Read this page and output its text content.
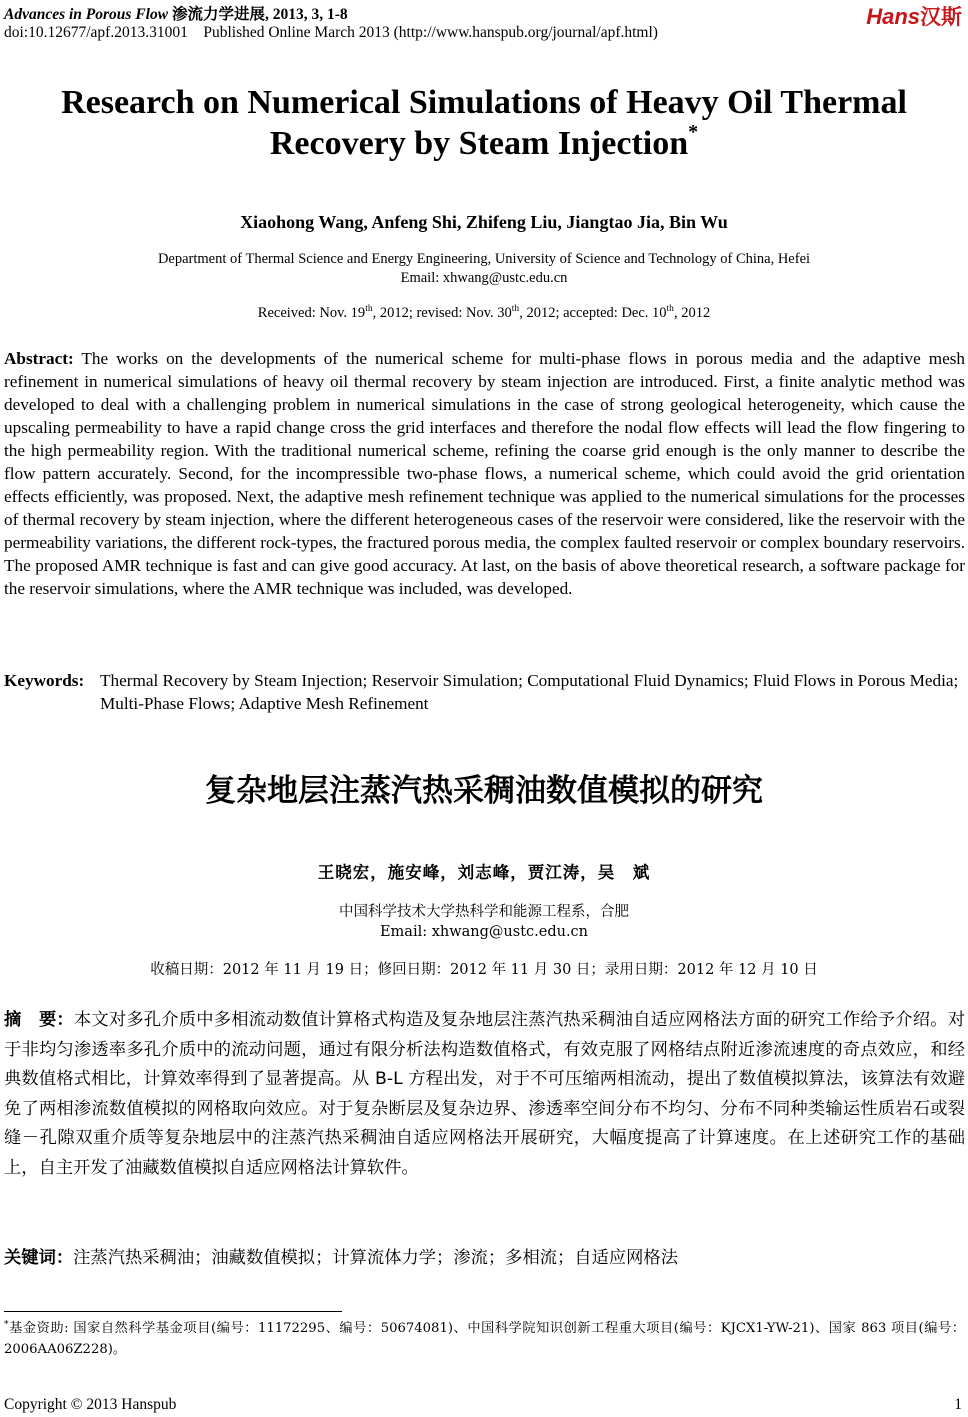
Advances in Porous Flow 渗流力学进展, 2013, 3, 1-8
doi:10.12677/apf.2013.31001 Published Online March 2013 (http://www.hanspub.org/journal/apf.html)
Hans汉斯
Research on Numerical Simulations of Heavy Oil Thermal
Recovery by Steam Injection*
Xiaohong Wang, Anfeng Shi, Zhifeng Liu, Jiangtao Jia, Bin Wu
Department of Thermal Science and Energy Engineering, University of Science and Technology of China, Hefei
Email: xhwang@ustc.edu.cn
Received: Nov. 19th, 2012; revised: Nov. 30th, 2012; accepted: Dec. 10th, 2012
Abstract: The works on the developments of the numerical scheme for multi-phase flows in porous media and the adaptive mesh refinement in numerical simulations of heavy oil thermal recovery by steam injection are introduced. First, a finite analytic method was developed to deal with a challenging problem in numerical simulations in the case of strong geological heterogeneity, which cause the upscaling permeability to have a rapid change cross the grid interfaces and therefore the nodal flow effects will lead the flow fingering to the high permeability region. With the traditional numerical scheme, refining the coarse grid enough is the only manner to describe the flow pattern accurately. Second, for the incompressible two-phase flows, a numerical scheme, which could avoid the grid orientation effects efficiently, was proposed. Next, the adaptive mesh refinement technique was applied to the numerical simulations for the processes of thermal recovery by steam injection, where the different heterogeneous cases of the reservoir were considered, like the reservoir with the permeability variations, the different rock-types, the fractured porous media, the complex faulted reservoir or complex boundary reservoirs. The proposed AMR technique is fast and can give good accuracy. At last, on the basis of above theoretical research, a software package for the reservoir simulations, where the AMR technique was included, was developed.
Keywords: Thermal Recovery by Steam Injection; Reservoir Simulation; Computational Fluid Dynamics; Fluid Flows in Porous Media; Multi-Phase Flows; Adaptive Mesh Refinement
复杂地层注蒸汽热采稠油数值模拟的研究
王晓宏，施安峰，刘志峰，贾江涛，吴　斌
中国科学技术大学热科学和能源工程系，合肥
Email: xhwang@ustc.edu.cn
收稿日期：2012 年 11 月 19 日；修回日期：2012 年 11 月 30 日；录用日期：2012 年 12 月 10 日
摘　要：本文对多孔介质中多相流动数值计算格式构造及复杂地层注蒸汽热采稠油自适应网格法方面的研究工作给予介绍。对于非均匀渗透率多孔介质中的流动问题，通过有限分析法构造数值格式，有效克服了网格结点附近渗流速度的奇点效应，和经典数值格式相比，计算效率得到了显著提高。从 B-L 方程出发，对于不可压缩两相流动，提出了数值模拟算法，该算法有效避免了两相渗流数值模拟的网格取向效应。对于复杂断层及复杂边界、渗透率空间分布不均匀、分布不同种类输运性质岩石或裂缝－孔隙双重介质等复杂地层中的注蒸汽热采稠油自适应网格法开展研究，大幅度提高了计算速度。在上述研究工作的基础上，自主开发了油藏数值模拟自适应网格法计算软件。
关键词：注蒸汽热采稠油；油藏数值模拟；计算流体力学；渗流；多相流；自适应网格法
*基金资助: 国家自然科学基金项目(编号：11172295、编号：50674081)、中国科学院知识创新工程重大项目(编号：KJCX1-YW-21)、国家 863 项目(编号：2006AA06Z228)。
Copyright © 2013 Hanspub	1
